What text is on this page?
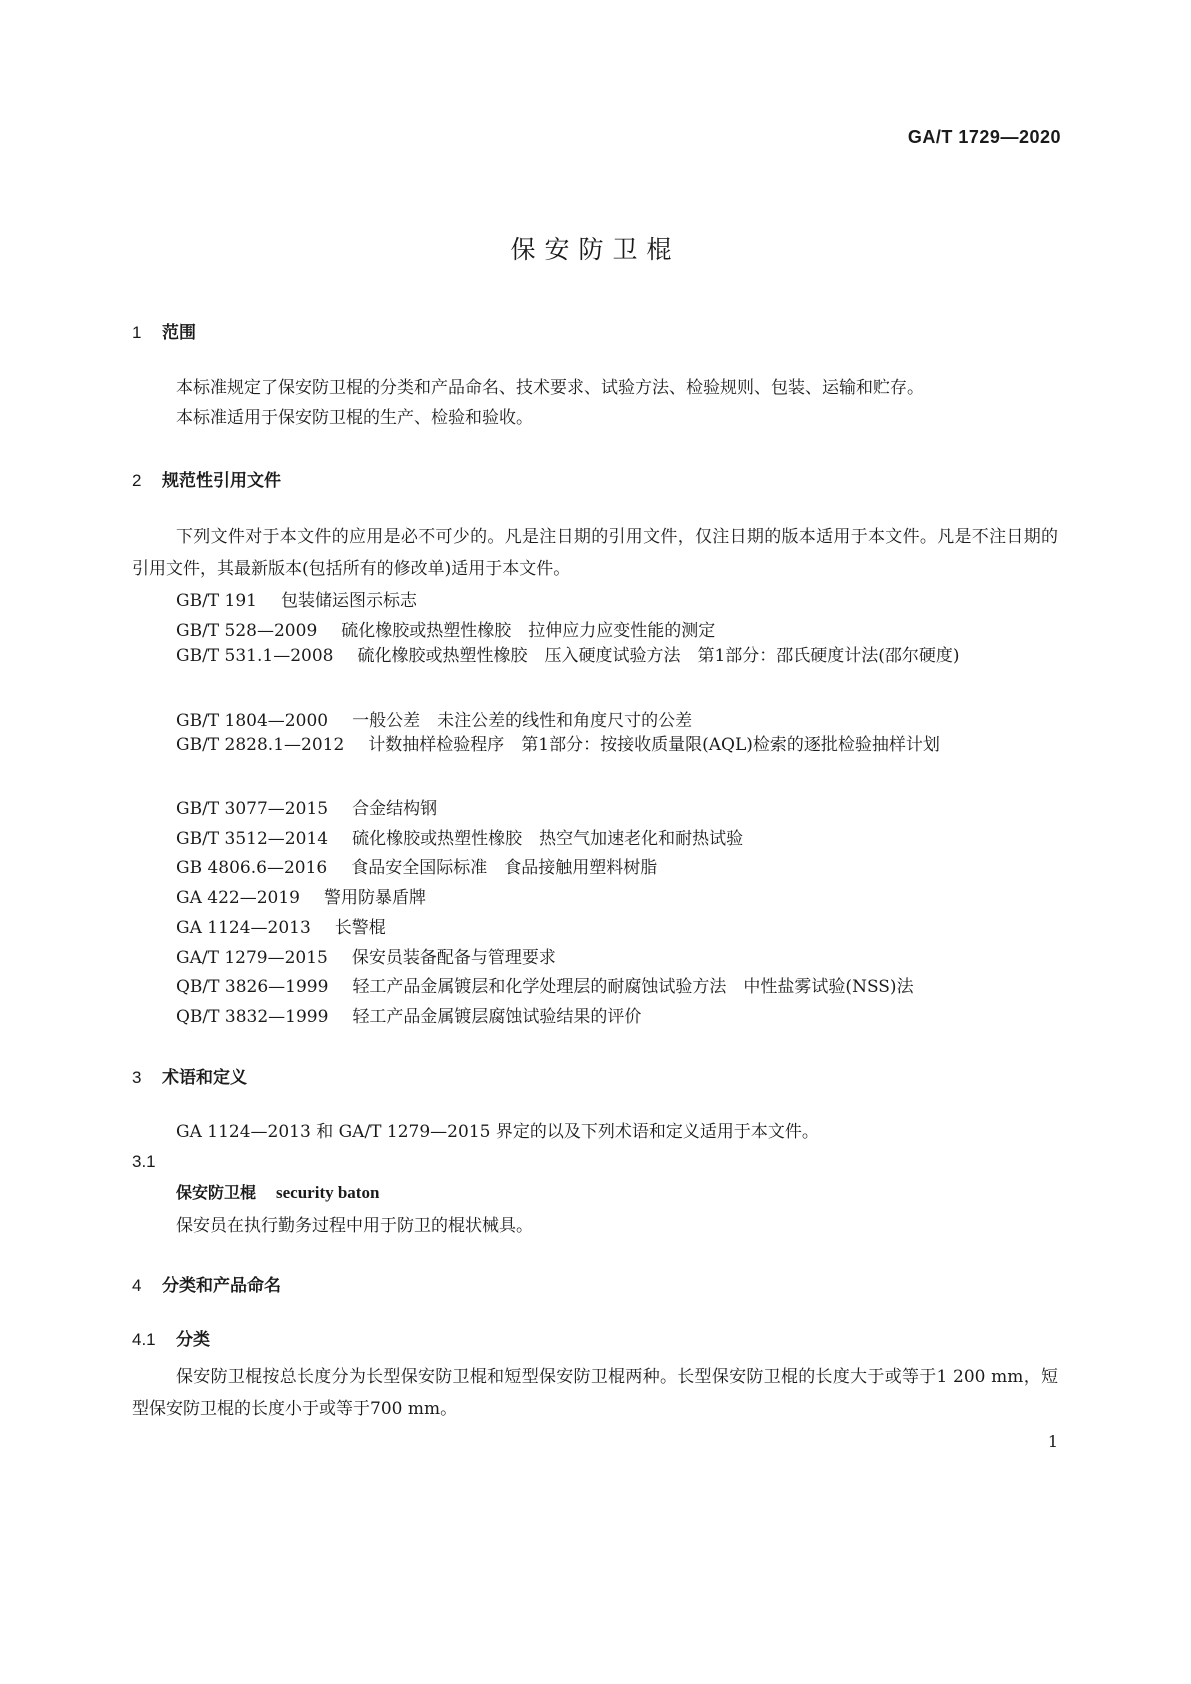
GA/T 1729—2020
保安防卫棍
1 范围
本标准规定了保安防卫棍的分类和产品命名、技术要求、试验方法、检验规则、包装、运输和贮存。
本标准适用于保安防卫棍的生产、检验和验收。
2 规范性引用文件
下列文件对于本文件的应用是必不可少的。凡是注日期的引用文件，仅注日期的版本适用于本文件。凡是不注日期的引用文件，其最新版本(包括所有的修改单)适用于本文件。
GB/T 191 包装储运图示标志
GB/T 528—2009 硫化橡胶或热塑性橡胶　拉伸应力应变性能的测定
GB/T 531.1—2008 硫化橡胶或热塑性橡胶　压入硬度试验方法　第1部分：邵氏硬度计法(邵尔硬度)
GB/T 1804—2000 一般公差　未注公差的线性和角度尺寸的公差
GB/T 2828.1—2012 计数抽样检验程序　第1部分：按接收质量限(AQL)检索的逐批检验抽样计划
GB/T 3077—2015 合金结构钢
GB/T 3512—2014 硫化橡胶或热塑性橡胶　热空气加速老化和耐热试验
GB 4806.6—2016 食品安全国际标准　食品接触用塑料树脂
GA 422—2019 警用防暴盾牌
GA 1124—2013 长警棍
GA/T 1279—2015 保安员装备配备与管理要求
QB/T 3826—1999 轻工产品金属镀层和化学处理层的耐腐蚀试验方法　中性盐雾试验(NSS)法
QB/T 3832—1999 轻工产品金属镀层腐蚀试验结果的评价
3 术语和定义
GA 1124—2013 和 GA/T 1279—2015 界定的以及下列术语和定义适用于本文件。
3.1
保安防卫棍 security baton
保安员在执行勤务过程中用于防卫的棍状械具。
4 分类和产品命名
4.1 分类
保安防卫棍按总长度分为长型保安防卫棍和短型保安防卫棍两种。长型保安防卫棍的长度大于或等于1 200 mm，短型保安防卫棍的长度小于或等于700 mm。
1
